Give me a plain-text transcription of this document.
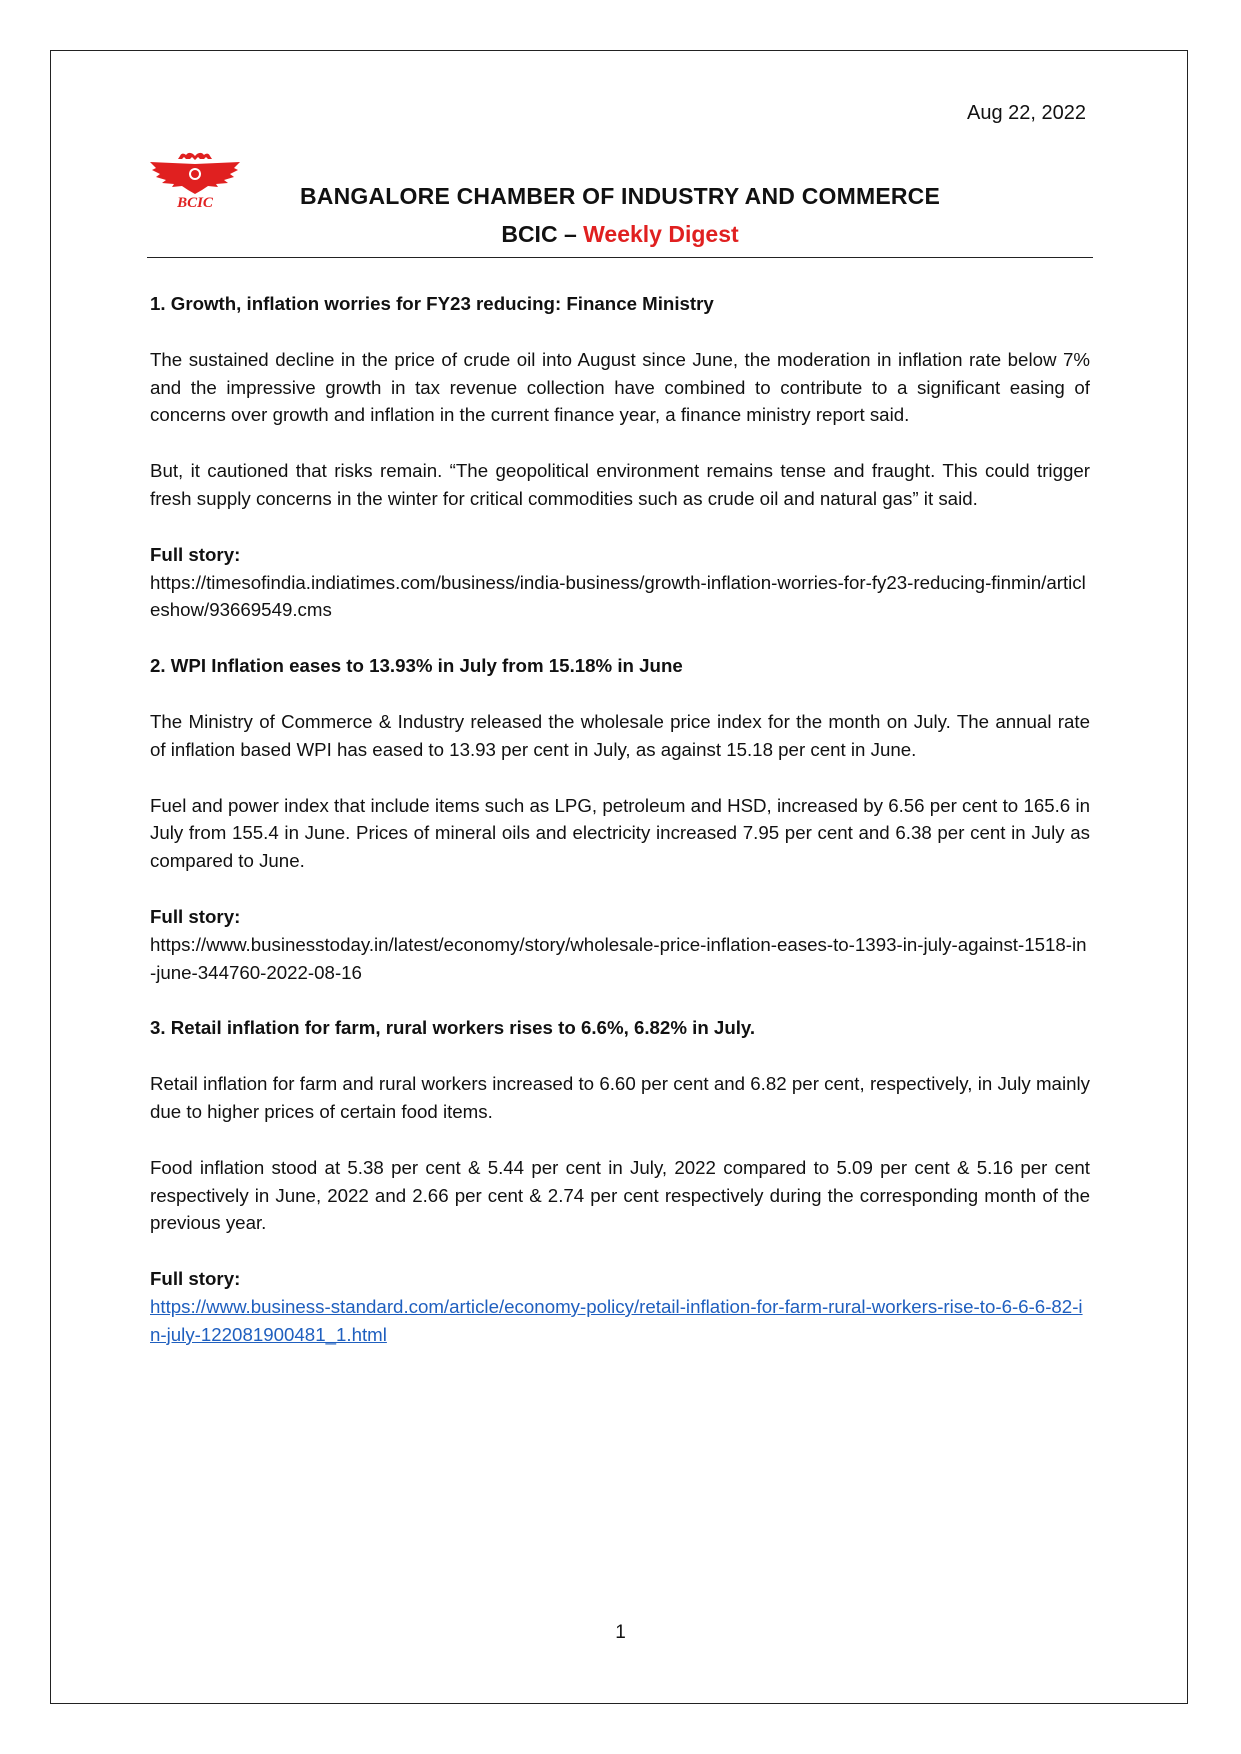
Aug 22, 2022
BCIC	BANGALORE CHAMBER OF INDUSTRY AND COMMERCE
BCIC – Weekly Digest
1. Growth, inflation worries for FY23 reducing: Finance Ministry

The sustained decline in the price of crude oil into August since June, the moderation in inflation rate below 7% and the impressive growth in tax revenue collection have combined to contribute to a significant easing of concerns over growth and inflation in the current finance year, a finance ministry report said.

But, it cautioned that risks remain. “The geopolitical environment remains tense and fraught. This could trigger fresh supply concerns in the winter for critical commodities such as crude oil and natural gas” it said.

Full story:
https://timesofindia.indiatimes.com/business/india-business/growth-inflation-worries-for-fy23-reducing-finmin/articleshow/93669549.cms
2. WPI Inflation eases to 13.93% in July from 15.18% in June

The Ministry of Commerce & Industry released the wholesale price index for the month on July. The annual rate of inflation based WPI has eased to 13.93 per cent in July, as against 15.18 per cent in June.

Fuel and power index that include items such as LPG, petroleum and HSD, increased by 6.56 per cent to 165.6 in July from 155.4 in June. Prices of mineral oils and electricity increased 7.95 per cent and 6.38 per cent in July as compared to June.

Full story:
https://www.businesstoday.in/latest/economy/story/wholesale-price-inflation-eases-to-1393-in-july-against-1518-in-june-344760-2022-08-16
3. Retail inflation for farm, rural workers rises to 6.6%, 6.82% in July.

Retail inflation for farm and rural workers increased to 6.60 per cent and 6.82 per cent, respectively, in July mainly due to higher prices of certain food items.

Food inflation stood at 5.38 per cent & 5.44 per cent in July, 2022 compared to 5.09 per cent & 5.16 per cent respectively in June, 2022 and 2.66 per cent & 2.74 per cent respectively during the corresponding month of the previous year.

Full story:
https://www.business-standard.com/article/economy-policy/retail-inflation-for-farm-rural-workers-rise-to-6-6-6-82-in-july-122081900481_1.html
1
